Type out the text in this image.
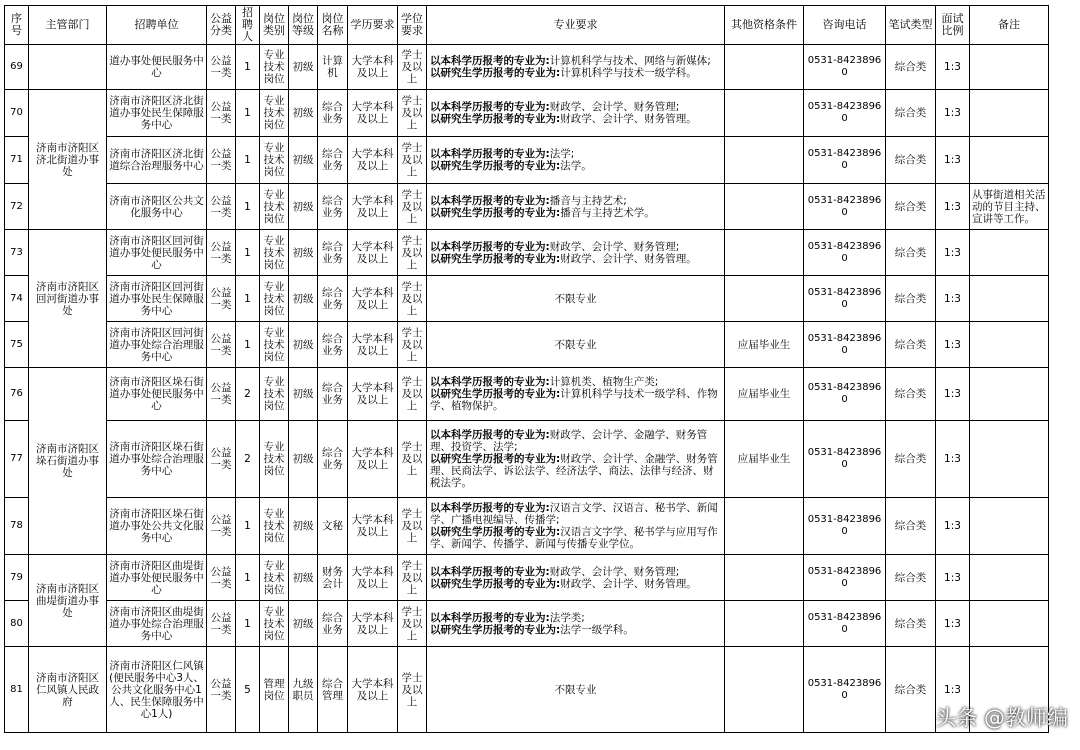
序号	主管部门	招聘单位	公益分类	招聘人	岗位类别	岗位等级	岗位名称	学历要求	学位要求	专业要求	其他资格条件	咨询电话	笔试类型	面试比例	备注
69		道办事处便民服务中心	公益一类	1	专业技术岗位	初级	计算机	大学本科及以上	学士及以上	以本科学历报考的专业为:计算机科学与技术、网络与新媒体;
以研究生学历报考的专业为:计算机科学与技术一级学科。		0531-84238960	综合类	1:3	
70	济南市济阳区济北街道办事处	济南市济阳区济北街道办事处民生保障服务中心	公益一类	1	专业技术岗位	初级	综合业务	大学本科及以上	学士及以上	以本科学历报考的专业为:财政学、会计学、财务管理;
以研究生学历报考的专业为:财政学、会计学、财务管理。		0531-84238960	综合类	1:3	
71		济南市济阳区济北街道综合治理服务中心	公益一类	1	专业技术岗位	初级	综合业务	大学本科及以上	学士及以上	以本科学历报考的专业为:法学;
以研究生学历报考的专业为:法学。		0531-84238960	综合类	1:3	
72		济南市济阳区公共文化服务中心	公益一类	1	专业技术岗位	初级	综合业务	大学本科及以上	学士及以上	以本科学历报考的专业为:播音与主持艺术;
以研究生学历报考的专业为:播音与主持艺术学。		0531-84238960	综合类	1:3	从事街道相关活动的节目主持、宣讲等工作。
73	济南市济阳区回河街道办事处	济南市济阳区回河街道办事处便民服务中心	公益一类	1	专业技术岗位	初级	综合业务	大学本科及以上	学士及以上	以本科学历报考的专业为:财政学、会计学、财务管理;
以研究生学历报考的专业为:财政学、会计学、财务管理。		0531-84238960	综合类	1:3	
74		济南市济阳区回河街道办事处民生保障服务中心	公益一类	1	专业技术岗位	初级	综合业务	大学本科及以上	学士及以上	不限专业		0531-84238960	综合类	1:3	
75		济南市济阳区回河街道办事处综合治理服务中心	公益一类	1	专业技术岗位	初级	综合业务	大学本科及以上	学士及以上	不限专业	应届毕业生	0531-84238960	综合类	1:3	
76	济南市济阳区垛石街道办事处	济南市济阳区垛石街道办事处便民服务中心	公益一类	2	专业技术岗位	初级	综合业务	大学本科及以上	学士及以上	以本科学历报考的专业为:计算机类、植物生产类;
以研究生学历报考的专业为:计算机科学与技术一级学科、作物学、植物保护。	应届毕业生	0531-84238960	综合类	1:3	
77		济南市济阳区垛石街道办事处综合治理服务中心	公益一类	2	专业技术岗位	初级	综合业务	大学本科及以上	学士及以上	以本科学历报考的专业为:财政学、会计学、金融学、财务管理、投资学、法学;
以研究生学历报考的专业为:财政学、会计学、金融学、财务管理、民商法学、诉讼法学、经济法学、商法、法律与经济、财税法学。	应届毕业生	0531-84238960	综合类	1:3	
78		济南市济阳区垛石街道办事处公共文化服务中心	公益一类	1	专业技术岗位	初级	文秘	大学本科及以上	学士及以上	以本科学历报考的专业为:汉语言文学、汉语言、秘书学、新闻学、广播电视编导、传播学;
以研究生学历报考的专业为:汉语言文字学、秘书学与应用写作学、新闻学、传播学、新闻与传播专业学位。		0531-84238960	综合类	1:3	
79	济南市济阳区曲堤街道办事处	济南市济阳区曲堤街道办事处便民服务中心	公益一类	1	专业技术岗位	初级	财务会计	大学本科及以上	学士及以上	以本科学历报考的专业为:财政学、会计学、财务管理;
以研究生学历报考的专业为:财政学、会计学、财务管理。		0531-84238960	综合类	1:3	
80		济南市济阳区曲堤街道办事处综合治理服务中心	公益一类	1	专业技术岗位	初级	综合业务	大学本科及以上	学士及以上	以本科学历报考的专业为:法学类;
以研究生学历报考的专业为:法学一级学科。		0531-84238960	综合类	1:3	
81	济南市济阳区仁风镇人民政府	济南市济阳区仁风镇(便民服务中心3人、公共文化服务中心1人、民生保障服务中心1人)	公益一类	5	管理岗位	九级职员	综合管理	大学本科及以上	学士及以上	不限专业		0531-84238960	综合类	1:3	
头条 @教师编
